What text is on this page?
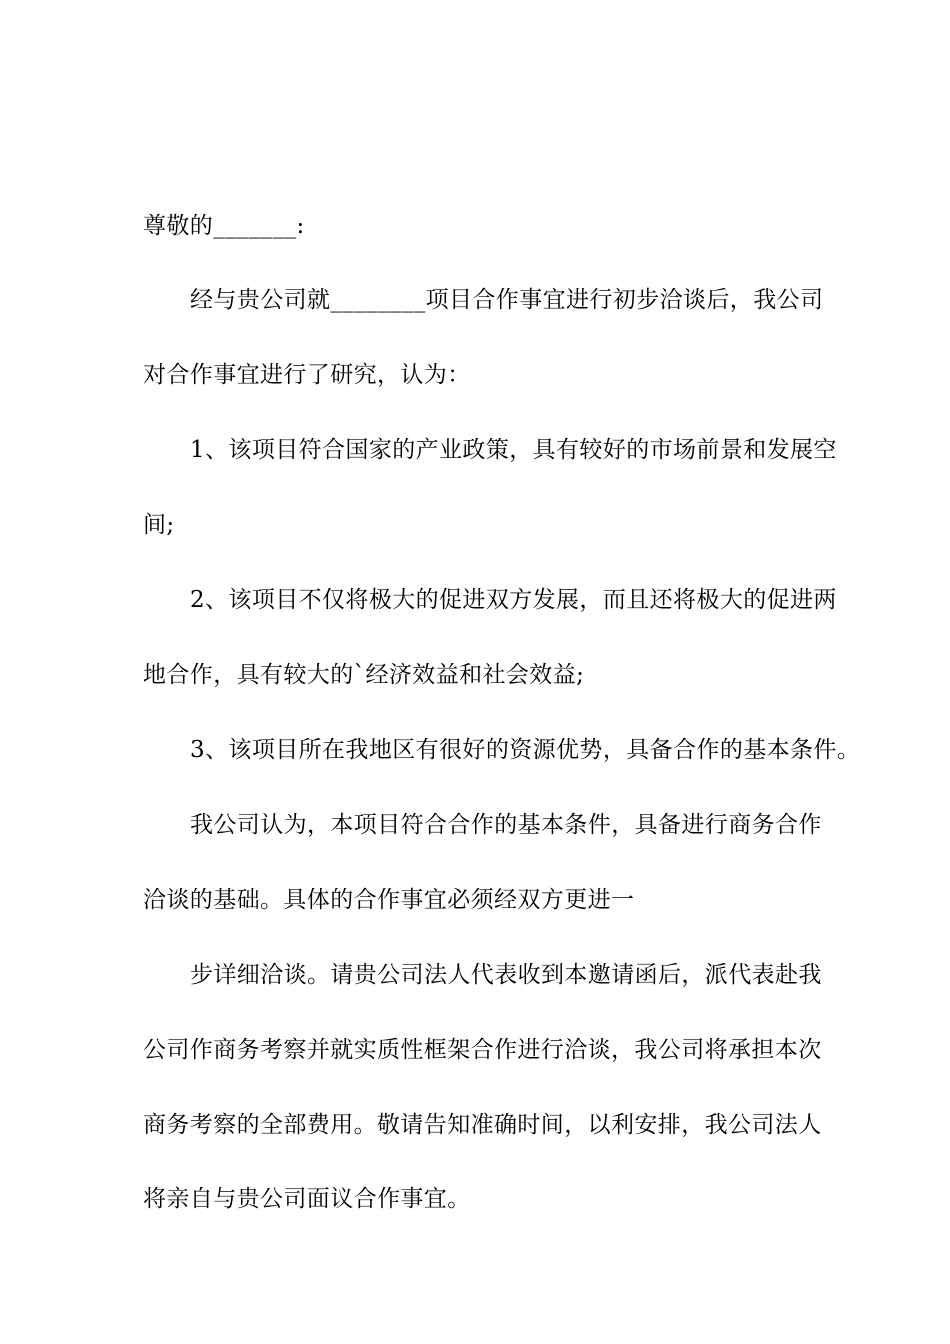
尊敬的_______:
经与贵公司就________项目合作事宜进行初步洽谈后，我公司
对合作事宜进行了研究，认为：
1、该项目符合国家的产业政策，具有较好的市场前景和发展空
间;
2、该项目不仅将极大的促进双方发展，而且还将极大的促进两
地合作，具有较大的`经济效益和社会效益;
3、该项目所在我地区有很好的资源优势，具备合作的基本条件。
我公司认为，本项目符合合作的基本条件，具备进行商务合作
洽谈的基础。具体的合作事宜必须经双方更进一
步详细洽谈。请贵公司法人代表收到本邀请函后，派代表赴我
公司作商务考察并就实质性框架合作进行洽谈，我公司将承担本次
商务考察的全部费用。敬请告知准确时间，以利安排，我公司法人
将亲自与贵公司面议合作事宜。
